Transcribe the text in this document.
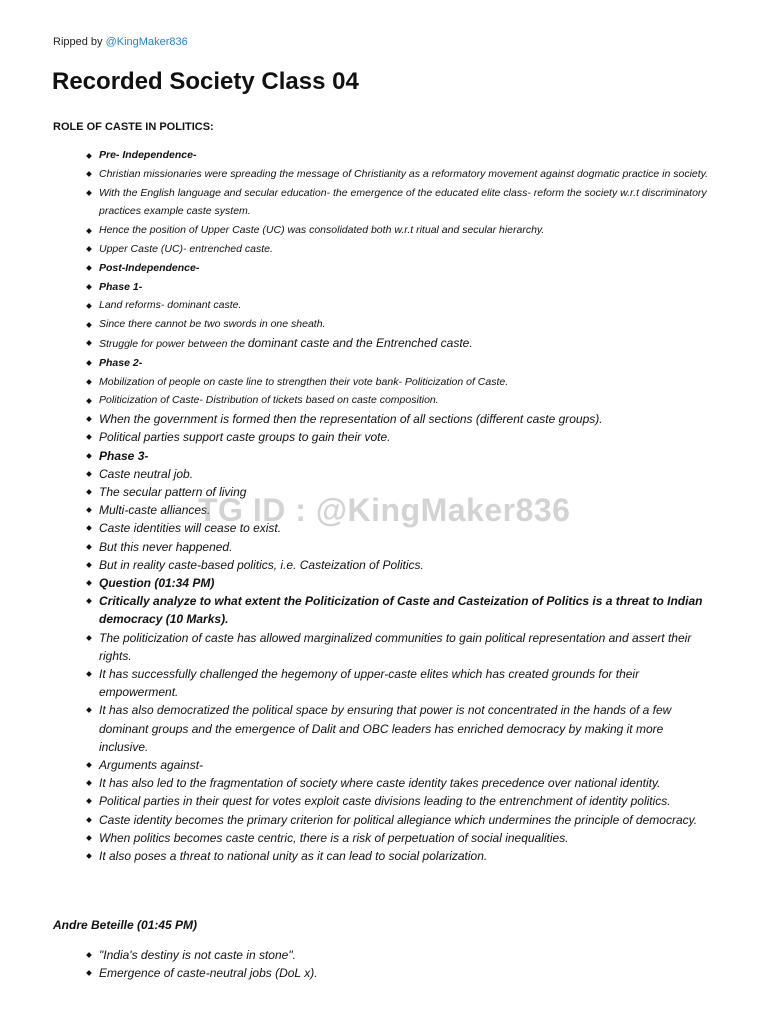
Ripped by @KingMaker836
Recorded Society Class 04
ROLE OF CASTE IN POLITICS:
Pre- Independence-
Christian missionaries were spreading the message of Christianity as a reformatory movement against dogmatic practice in society.
With the English language and secular education- the emergence of the educated elite class- reform the society w.r.t discriminatory practices example caste system.
Hence the position of Upper Caste (UC) was consolidated both w.r.t ritual and secular hierarchy.
Upper Caste (UC)- entrenched caste.
Post-Independence-
Phase 1-
Land reforms- dominant caste.
Since there cannot be two swords in one sheath.
Struggle for power between the dominant caste and the Entrenched caste.
Phase 2-
Mobilization of people on caste line to strengthen their vote bank- Politicization of Caste.
Politicization of Caste- Distribution of tickets based on caste composition.
When the government is formed then the representation of all sections (different caste groups).
Political parties support caste groups to gain their vote.
Phase 3-
Caste neutral job.
The secular pattern of living
Multi-caste alliances.
Caste identities will cease to exist.
But this never happened.
But in reality caste-based politics, i.e. Casteization of Politics.
Question (01:34 PM)
Critically analyze to what extent the Politicization of Caste and Casteization of Politics is a threat to Indian democracy (10 Marks).
The politicization of caste has allowed marginalized communities to gain political representation and assert their rights.
It has successfully challenged the hegemony of upper-caste elites which has created grounds for their empowerment.
It has also democratized the political space by ensuring that power is not concentrated in the hands of a few dominant groups and the emergence of Dalit and OBC leaders has enriched democracy by making it more inclusive.
Arguments against-
It has also led to the fragmentation of society where caste identity takes precedence over national identity.
Political parties in their quest for votes exploit caste divisions leading to the entrenchment of identity politics.
Caste identity becomes the primary criterion for political allegiance which undermines the principle of democracy.
When politics becomes caste centric, there is a risk of perpetuation of social inequalities.
It also poses a threat to national unity as it can lead to social polarization.
Andre Beteille (01:45 PM)
"India's destiny is not caste in stone".
Emergence of caste-neutral jobs (DoL x).
TG ID : @KingMaker836
